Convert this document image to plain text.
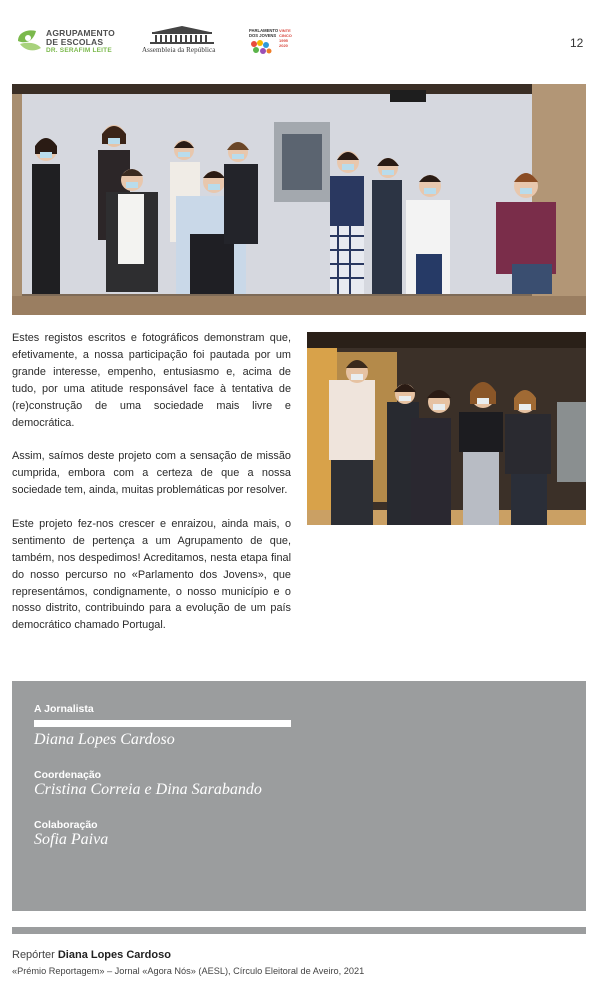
AGRUPAMENTO
DE ESCOLAS
DR. SERAFIM LEITE	Assembleia da República
PARLAMENTO DOS JOVENS
VINTE CINCO 1995 2020	12

Estes registos escritos e fotográficos demonstram que, efetivamente, a nossa participação foi pautada por um grande interesse, empenho, entusiasmo e, acima de tudo, por uma atitude responsável face à tentativa de (re)construção de uma sociedade mais livre e democrática.

Assim, saímos deste projeto com a sensação de missão cumprida, embora com a certeza de que a nossa sociedade tem, ainda, muitas problemáticas por resolver.

Este projeto fez-nos crescer e enraizou, ainda mais, o sentimento de pertença a um Agrupamento de que, também, nos despedimos! Acreditamos, nesta etapa final do nosso percurso no «Parlamento dos Jovens», que representámos, condignamente, o nosso município e o nosso distrito, contribuindo para a evolução de um país democrático chamado Portugal.

A Jornalista
Diana Lopes Cardoso
Coordenação
Cristina Correia e Dina Sarabando
Colaboração
Sofia Paiva
Repórter Diana Lopes Cardoso
«Prémio Reportagem» – Jornal «Agora Nós» (AESL), Círculo Eleitoral de Aveiro, 2021
